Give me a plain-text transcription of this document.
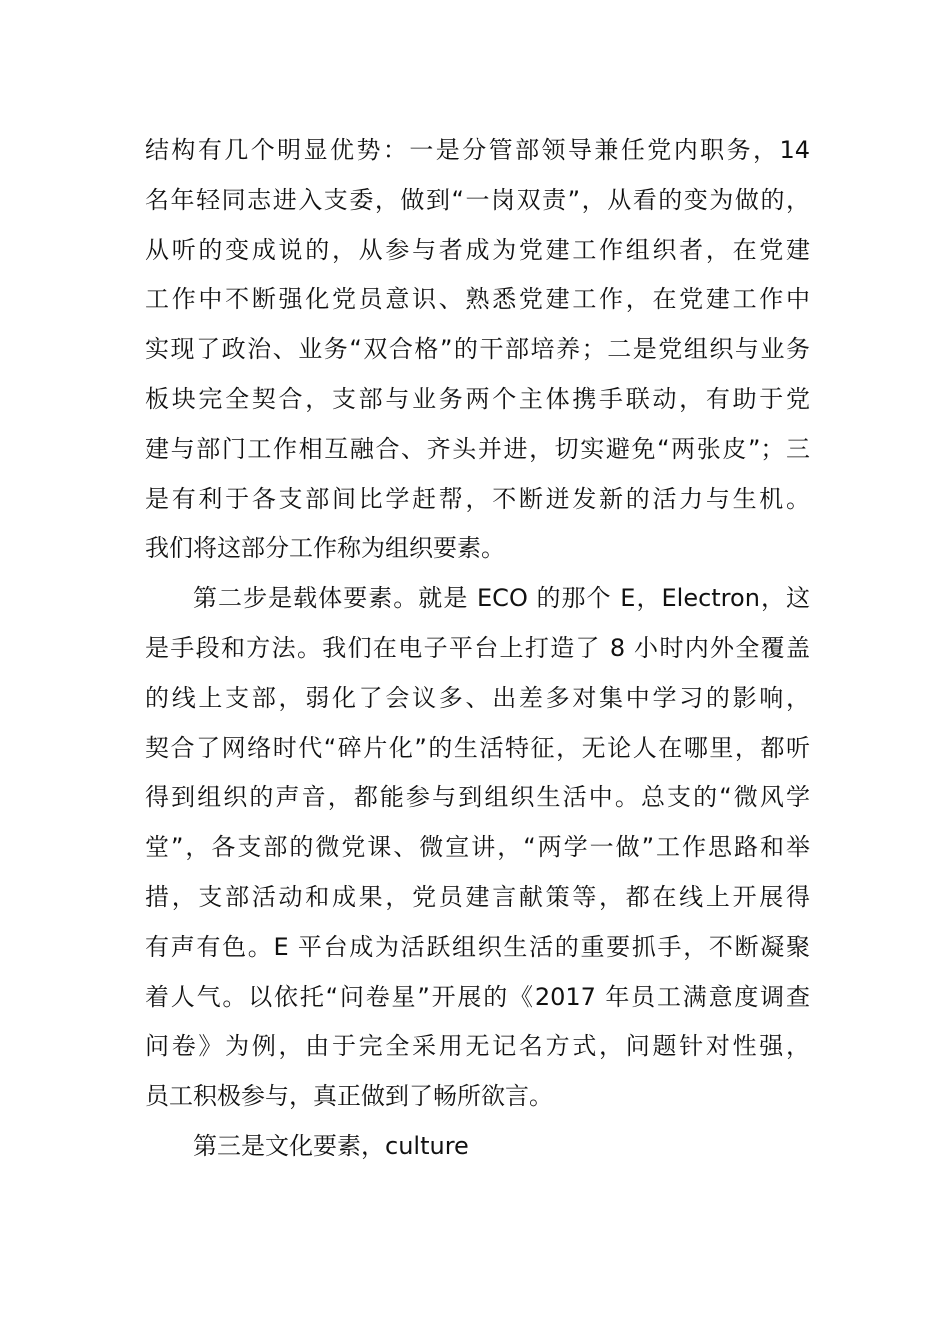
结构有几个明显优势：一是分管部领导兼任党内职务，14
名年轻同志进入支委，做到“一岗双责”，从看的变为做的，
从听的变成说的，从参与者成为党建工作组织者，在党建
工作中不断强化党员意识、熟悉党建工作，在党建工作中
实现了政治、业务“双合格”的干部培养；二是党组织与业务
板块完全契合，支部与业务两个主体携手联动，有助于党
建与部门工作相互融合、齐头并进，切实避免“两张皮”；三
是有利于各支部间比学赶帮，不断迸发新的活力与生机。
我们将这部分工作称为组织要素。
第二步是载体要素。就是 ECO 的那个 E，Electron，这
是手段和方法。我们在电子平台上打造了 8 小时内外全覆盖
的线上支部，弱化了会议多、出差多对集中学习的影响，
契合了网络时代“碎片化”的生活特征，无论人在哪里，都听
得到组织的声音，都能参与到组织生活中。总支的“微风学
堂”，各支部的微党课、微宣讲，“两学一做”工作思路和举
措，支部活动和成果，党员建言献策等，都在线上开展得
有声有色。E 平台成为活跃组织生活的重要抓手，不断凝聚
着人气。以依托“问卷星”开展的《2017 年员工满意度调查
问卷》为例，由于完全采用无记名方式，问题针对性强，
员工积极参与，真正做到了畅所欲言。
第三是文化要素，culture
